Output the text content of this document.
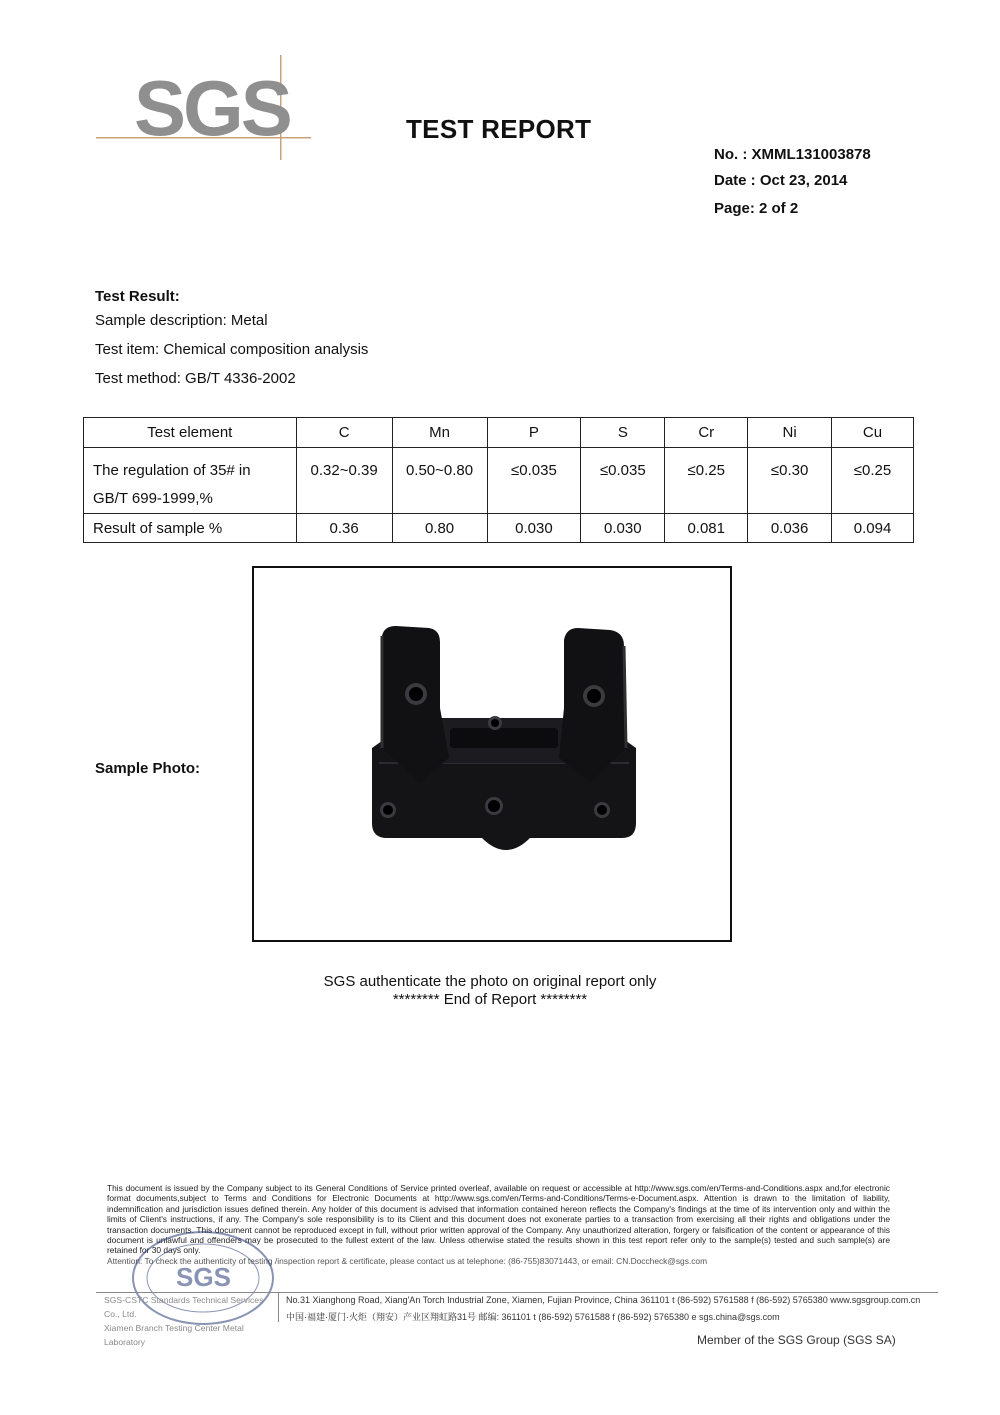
SGS	TEST REPORT
No. : XMML131003878
Date : Oct 23, 2014
Page: 2 of 2
Test Result:
Sample description: Metal
Test item: Chemical composition analysis
Test method: GB/T 4336-2002
Test element	C	Mn	P	S	Cr	Ni	Cu
The regulation of 35# in
GB/T 699-1999,%	0.32~0.39	0.50~0.80	≤0.035	≤0.035	≤0.25	≤0.30	≤0.25
Result of sample %	0.36	0.80	0.030	0.030	0.081	0.036	0.094
Sample Photo:
SGS authenticate the photo on original report only
******** End of Report ********
This document is issued by the Company subject to its General Conditions of Service printed overleaf, available on request or accessible at http://www.sgs.com/en/Terms-and-Conditions.aspx and,for electronic format documents,subject to Terms and Conditions for Electronic Documents at http://www.sgs.com/en/Terms-and-Conditions/Terms-e-Document.aspx. Attention is drawn to the limitation of liability, indemnification and jurisdiction issues defined therein. Any holder of this document is advised that information contained hereon reflects the Company's findings at the time of its intervention only and within the limits of Client's instructions, if any. The Company's sole responsibility is to its Client and this document does not exonerate parties to a transaction from exercising all their rights and obligations under the transaction documents. This document cannot be reproduced except in full, without prior written approval of the Company. Any unauthorized alteration, forgery or falsification of the content or appearance of this document is unlawful and offenders may be prosecuted to the fullest extent of the law. Unless otherwise stated the results shown in this test report refer only to the sample(s) tested and such sample(s) are retained for 30 days only.
Attention: To check the authenticity of testing /inspection report & certificate, please contact us at telephone: (86-755)83071443, or email: CN.Doccheck@sgs.com
SGS
SGS-CSTC Standards Technical Services Co., Ltd.
Xiamen Branch Testing Center Metal Laboratory
No.31 Xianghong Road, Xiang'An Torch Industrial Zone, Xiamen, Fujian Province, China 361101 t (86-592) 5761588 f (86-592) 5765380 www.sgsgroup.com.cn
中国·福建·厦门·火炬（翔安）产业区翔虹路31号 邮编: 361101 t (86-592) 5761588 f (86-592) 5765380 e sgs.china@sgs.com
Member of the SGS Group (SGS SA)
